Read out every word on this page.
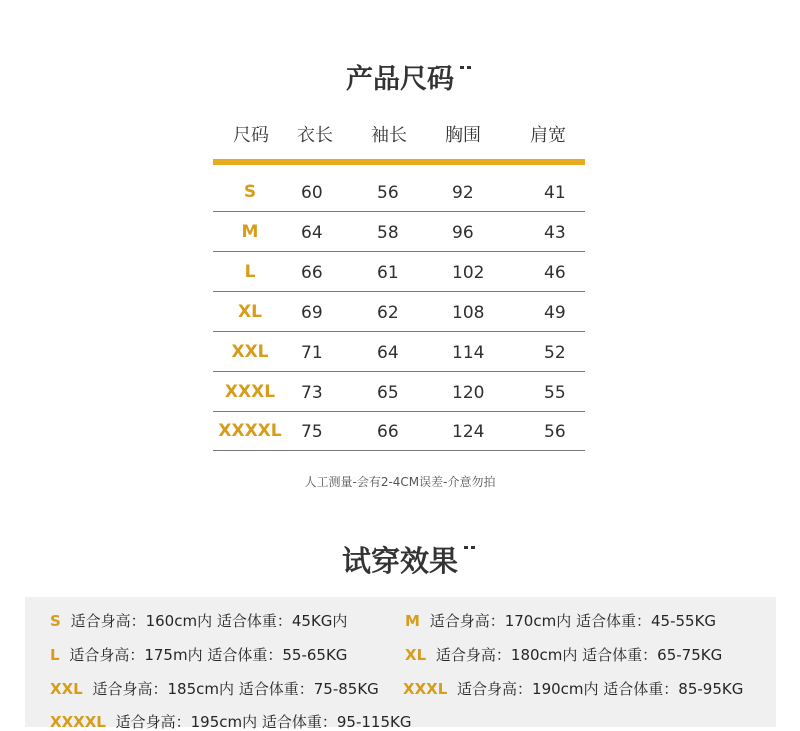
产品尺码
尺码 衣长 袖长 胸围	肩宽
S	60	56	92	41
M	64	58	96	43
L	66	61	102	46
XL	69	62	108	49
XXL	71	64	114	52
XXXL	73	65	120	55
XXXXL	75	66	124	56
人工测量-会有2-4CM误差-介意勿拍
试穿效果
S 适合身高：160cm内 适合体重：45KG内	M 适合身高：170cm内 适合体重：45-55KG
L 适合身高：175m内 适合体重：55-65KG	XL 适合身高：180cm内 适合体重：65-75KG
XXL 适合身高：185cm内 适合体重：75-85KG XXXL 适合身高：190cm内 适合体重：85-95KG
XXXXL 适合身高：195cm内 适合体重：95-115KG
